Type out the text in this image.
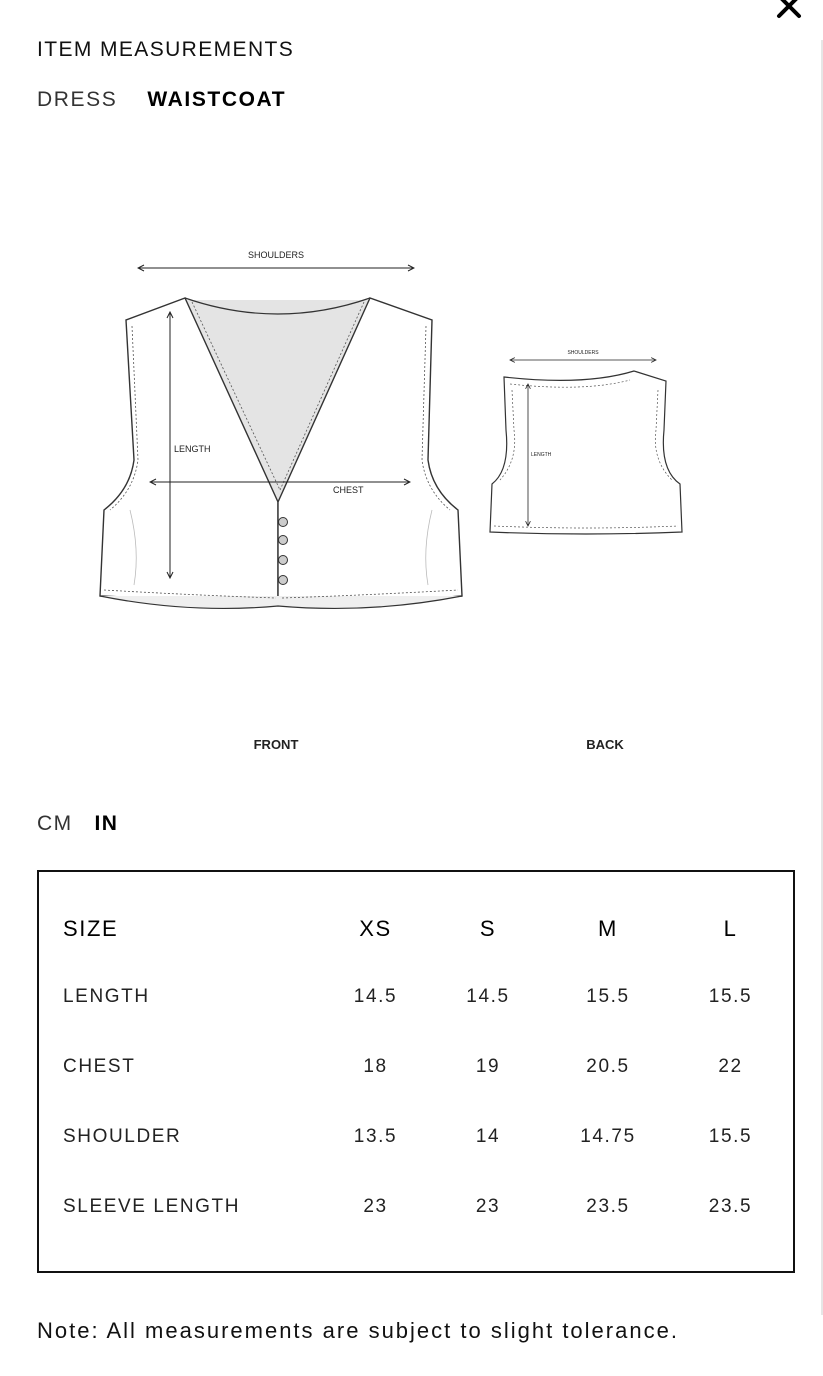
ITEM MEASUREMENTS
DRESS WAISTCOAT
SHOULDERS
LENGTH
CHEST
SHOULDERS
LENGTH
FRONT	BACK
CM IN
SIZE	XS	S	M	L
LENGTH	14.5	14.5	15.5	15.5
CHEST	18	19	20.5	22
SHOULDER	13.5	14	14.75	15.5
SLEEVE LENGTH	23	23	23.5	23.5
Note: All measurements are subject to slight tolerance.
